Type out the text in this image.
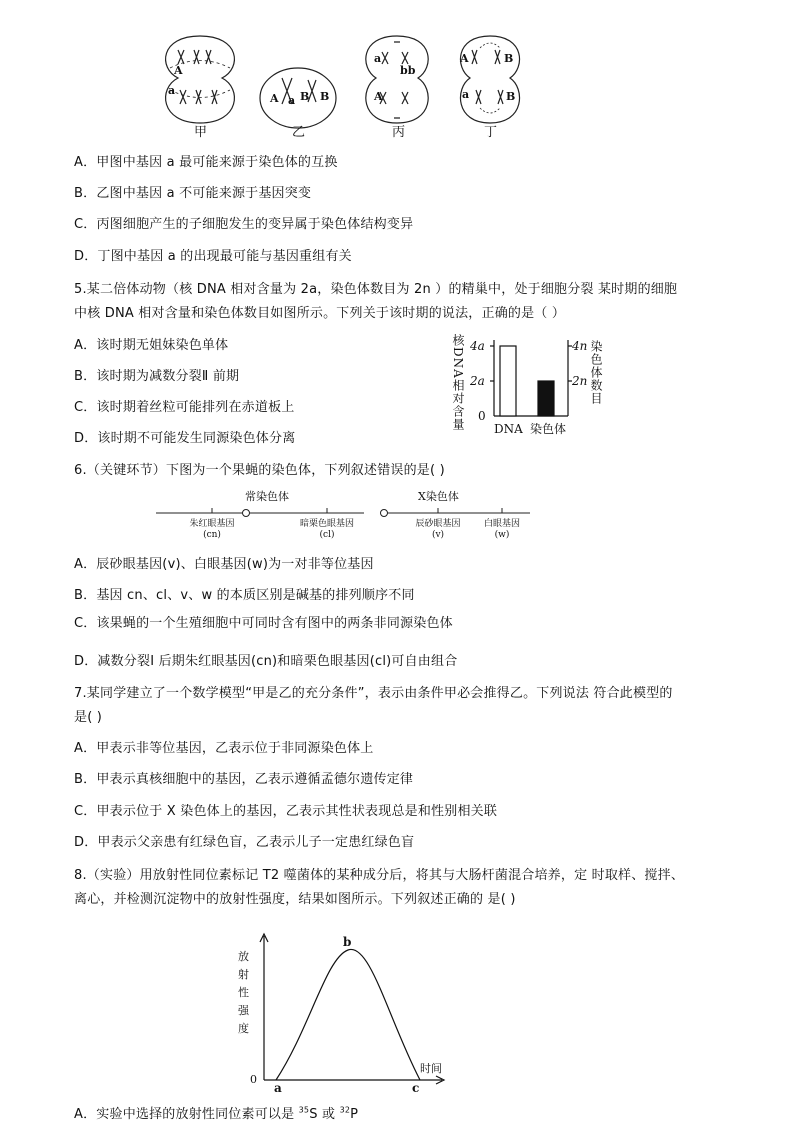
A
a
A a B B
a
bb
A
A	B
a	B
甲	乙	丙	丁
A．甲图中基因 a 最可能来源于染色体的互换
B．乙图中基因 a 不可能来源于基因突变
C．丙图细胞产生的子细胞发生的变异属于染色体结构变异
D．丁图中基因 a 的出现最可能与基因重组有关
5.某二倍体动物（核 DNA 相对含量为 2a，染色体数目为 2n ）的精巢中，处于细胞分裂 某时期的细胞
中核 DNA 相对含量和染色体数目如图所示。下列关于该时期的说法，正确的是（ ）
A．该时期无姐妹染色单体
B．该时期为减数分裂Ⅱ 前期
C．该时期着丝粒可能排列在赤道板上
D．该时期不可能发生同源染色体分离
核DNA相对含量	染色体数目
4a
2a
0
4n
2n
DNA 染色体
6.（关键环节）下图为一个果蝇的染色体，下列叙述错误的是( )
常染色体	X染色体
朱红眼基因
(cn)
暗栗色眼基因
(cl)
辰砂眼基因
(v)
白眼基因
(w)
A．辰砂眼基因(v)、白眼基因(w)为一对非等位基因
B．基因 cn、cl、v、w 的本质区别是碱基的排列顺序不同
C．该果蝇的一个生殖细胞中可同时含有图中的两条非同源染色体
D．减数分裂Ⅰ 后期朱红眼基因(cn)和暗栗色眼基因(cl)可自由组合
7.某同学建立了一个数学模型“甲是乙的充分条件”，表示由条件甲必会推得乙。下列说法 符合此模型的
是( )
A．甲表示非等位基因，乙表示位于非同源染色体上
B．甲表示真核细胞中的基因，乙表示遵循孟德尔遗传定律
C．甲表示位于 X 染色体上的基因，乙表示其性状表现总是和性别相关联
D．甲表示父亲患有红绿色盲，乙表示儿子一定患红绿色盲
8.（实验）用放射性同位素标记 T2 噬菌体的某种成分后，将其与大肠杆菌混合培养，定 时取样、搅拌、
离心，并检测沉淀物中的放射性强度，结果如图所示。下列叙述正确的 是( )
放
射
性
强
度
时间
0
a
b
c
A．实验中选择的放射性同位素可以是 $^{35}$S 或 $^{32}$P
